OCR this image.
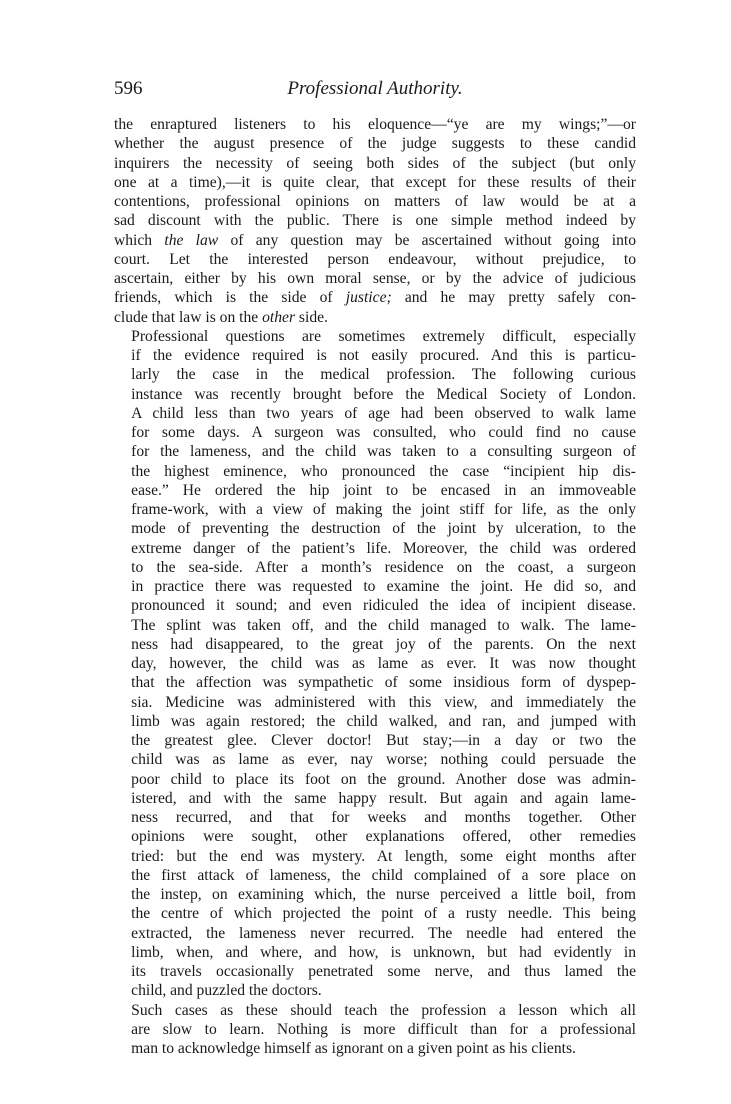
596	Professional Authority.

the enraptured listeners to his eloquence—“ye are my wings;”—or
whether the august presence of the judge suggests to these candid
inquirers the necessity of seeing both sides of the subject (but only
one at a time),—it is quite clear, that except for these results of their
contentions, professional opinions on matters of law would be at a
sad discount with the public. There is one simple method indeed by
which the law of any question may be ascertained without going into
court. Let the interested person endeavour, without prejudice, to
ascertain, either by his own moral sense, or by the advice of judicious
friends, which is the side of justice; and he may pretty safely con-
clude that law is on the other side.

Professional questions are sometimes extremely difficult, especially
if the evidence required is not easily procured. And this is particu-
larly the case in the medical profession. The following curious
instance was recently brought before the Medical Society of London.
A child less than two years of age had been observed to walk lame
for some days. A surgeon was consulted, who could find no cause
for the lameness, and the child was taken to a consulting surgeon of
the highest eminence, who pronounced the case “incipient hip dis-
ease.” He ordered the hip joint to be encased in an immoveable
frame-work, with a view of making the joint stiff for life, as the only
mode of preventing the destruction of the joint by ulceration, to the
extreme danger of the patient’s life. Moreover, the child was ordered
to the sea-side. After a month’s residence on the coast, a surgeon
in practice there was requested to examine the joint. He did so, and
pronounced it sound; and even ridiculed the idea of incipient disease.
The splint was taken off, and the child managed to walk. The lame-
ness had disappeared, to the great joy of the parents. On the next
day, however, the child was as lame as ever. It was now thought
that the affection was sympathetic of some insidious form of dyspep-
sia. Medicine was administered with this view, and immediately the
limb was again restored; the child walked, and ran, and jumped with
the greatest glee. Clever doctor! But stay;—in a day or two the
child was as lame as ever, nay worse; nothing could persuade the
poor child to place its foot on the ground. Another dose was admin-
istered, and with the same happy result. But again and again lame-
ness recurred, and that for weeks and months together. Other
opinions were sought, other explanations offered, other remedies
tried: but the end was mystery. At length, some eight months after
the first attack of lameness, the child complained of a sore place on
the instep, on examining which, the nurse perceived a little boil, from
the centre of which projected the point of a rusty needle. This being
extracted, the lameness never recurred. The needle had entered the
limb, when, and where, and how, is unknown, but had evidently in
its travels occasionally penetrated some nerve, and thus lamed the
child, and puzzled the doctors.

Such cases as these should teach the profession a lesson which all
are slow to learn. Nothing is more difficult than for a professional
man to acknowledge himself as ignorant on a given point as his clients.
